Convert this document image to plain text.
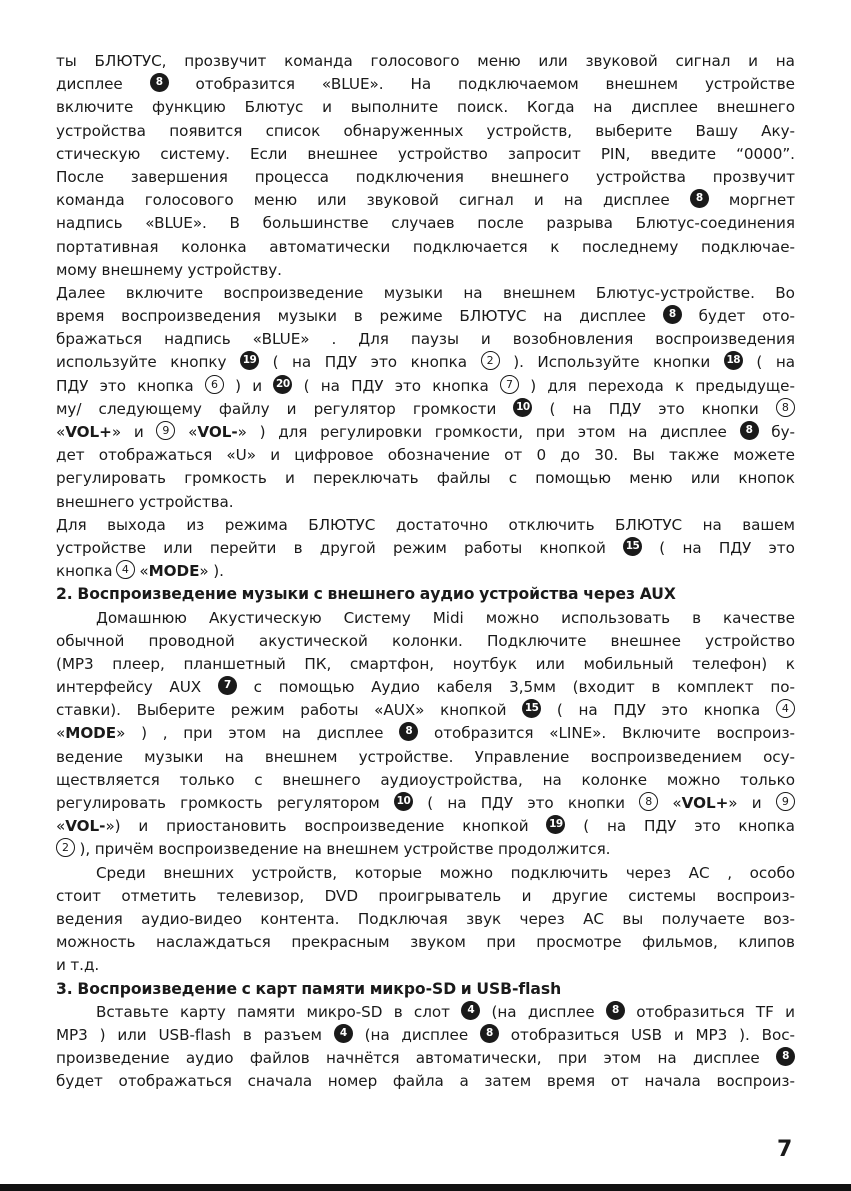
ты БЛЮТУС, прозвучит команда голосового меню или звуковой сигнал и на
дисплее	8	отобразится «BLUE». На подключаемом внешнем устройстве
включите функцию Блютус и выполните поиск. Когда на дисплее внешнего
устройства появится список обнаруженных устройств, выберите Вашу Аку-
стическую систему. Если внешнее устройство запросит PIN, введите “0000”.
После завершения процесса подключения внешнего устройства прозвучит
команда голосового меню или звуковой сигнал и на дисплее	8	моргнет
надпись «BLUE». В большинстве случаев после разрыва Блютус-соединения
портативная колонка автоматически подключается к последнему подключае-
мому внешнему устройству.
Далее включите воспроизведение музыки на внешнем Блютус-устройстве. Во
время воспроизведения музыки в режиме БЛЮТУС на дисплее	8	будет ото-
бражаться надпись «BLUE» . Для паузы и возобновления воспроизведения
используйте кнопку 19 ( на ПДУ это кнопка	2	). Используйте кнопки 18 ( на
ПДУ это кнопка	6	) и 20 ( на ПДУ это кнопка	7	) для перехода к предыдуще-
му/ следующему файлу и регулятор громкости 10 ( на ПДУ это кнопки	8
«VOL+» и	9	«VOL-» ) для регулировки громкости, при этом на дисплее	8	бу-
дет отображаться «U» и цифровое обозначение от 0 до 30. Вы также можете
регулировать громкость и переключать файлы с помощью меню или кнопок
внешнего устройства.
Для выхода из режима БЛЮТУС достаточно отключить БЛЮТУС на вашем
устройстве или перейти в другой режим работы кнопкой 15 ( на ПДУ это
кнопка 4 «MODE» ).
2. Воспроизведение музыки с внешнего аудио устройства через AUX
Домашнюю Акустическую Систему Midi можно использовать в качестве
обычной проводной акустической колонки. Подключите внешнее устройство
(MP3 плеер, планшетный ПК, смартфон, ноутбук или мобильный телефон) к
интерфейсу AUX	7	с помощью Аудио кабеля 3,5мм (входит в комплект по-
ставки). Выберите режим работы «AUX» кнопкой 15 ( на ПДУ это кнопка	4
«MODE» ) , при этом на дисплее	8	отобразится «LINE». Включите воспроиз-
ведение музыки на внешнем устройстве. Управление воспроизведением осу-
ществляется только с внешнего аудиоустройства, на колонке можно только
регулировать громкость регулятором 10 ( на ПДУ это кнопки	8	«VOL+» и	9
«VOL-») и приостановить воспроизведение кнопкой 19 ( на ПДУ это кнопка
2 ), причём воспроизведение на внешнем устройстве продолжится.
Среди внешних устройств, которые можно подключить через АС , особо
стоит отметить телевизор, DVD проигрыватель и другие системы воспроиз-
ведения аудио-видео контента. Подключая звук через АС вы получаете воз-
можность наслаждаться прекрасным звуком при просмотре фильмов, клипов
и т.д.
3. Воспроизведение с карт памяти микро-SD и USB-flash
Вставьте карту памяти микро-SD в слот	4	(на дисплее	8	отобразиться TF и
MP3 ) или USB-flash в разъем	4	(на дисплее	8	отобразиться USB и MP3 ). Вос-
произведение аудио файлов начнётся автоматически, при этом на дисплее	8
будет отображаться сначала номер файла а затем время от начала воспроиз-
7
